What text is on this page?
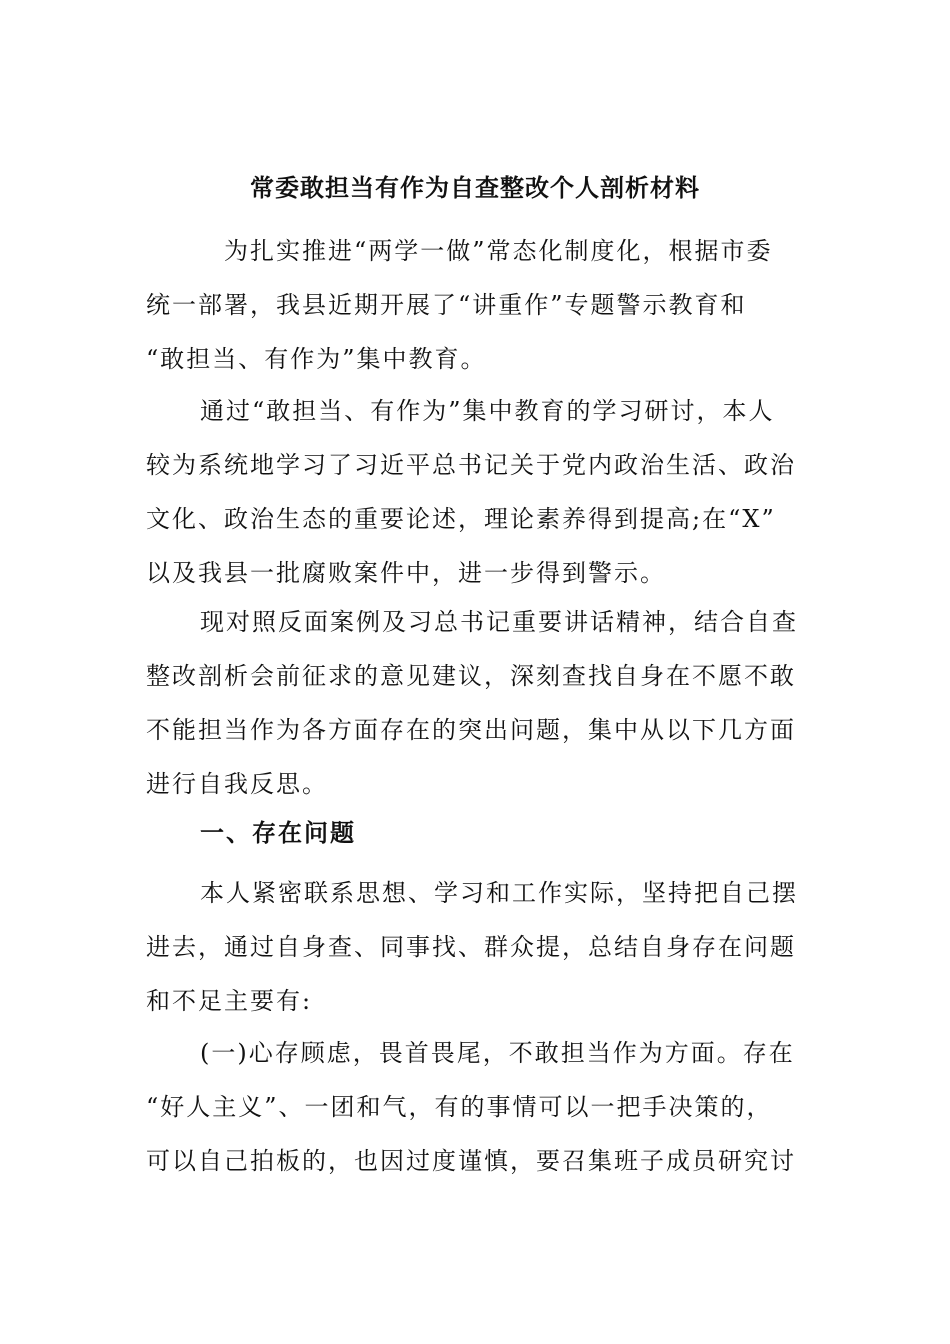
常委敢担当有作为自查整改个人剖析材料

为扎实推进“两学一做”常态化制度化，根据市委
统一部署，我县近期开展了“讲重作”专题警示教育和
“敢担当、有作为”集中教育。

通过“敢担当、有作为”集中教育的学习研讨，本人
较为系统地学习了习近平总书记关于党内政治生活、政治
文化、政治生态的重要论述，理论素养得到提高;在“X”
以及我县一批腐败案件中，进一步得到警示。

现对照反面案例及习总书记重要讲话精神，结合自查
整改剖析会前征求的意见建议，深刻查找自身在不愿不敢
不能担当作为各方面存在的突出问题，集中从以下几方面
进行自我反思。

一、存在问题

本人紧密联系思想、学习和工作实际，坚持把自己摆
进去，通过自身查、同事找、群众提，总结自身存在问题
和不足主要有:

(一)心存顾虑，畏首畏尾，不敢担当作为方面。存在
“好人主义”、一团和气，有的事情可以一把手决策的，
可以自己拍板的，也因过度谨慎，要召集班子成员研究讨
